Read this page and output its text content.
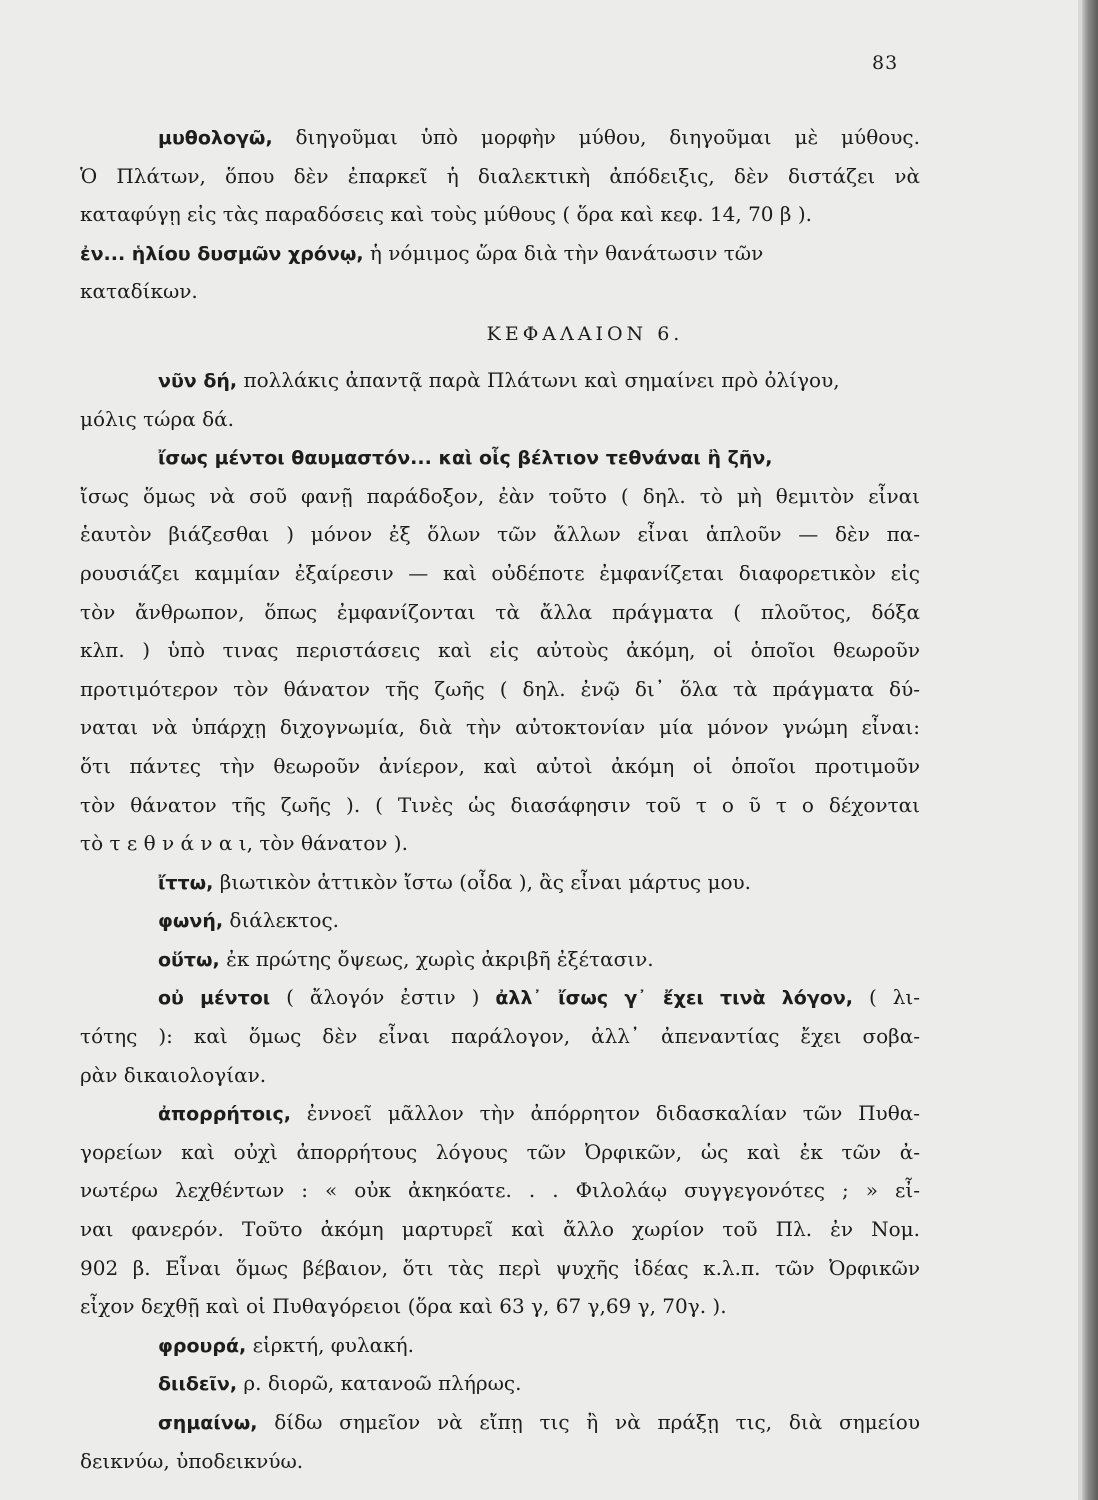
83
μυθολογῶ, διηγοῦμαι ὑπὸ μορφὴν μύθου, διηγοῦμαι μὲ μύθους.
Ὁ Πλάτων, ὅπου δὲν ἐπαρκεῖ ἡ διαλεκτικὴ ἀπόδειξις, δὲν διστάζει νὰ
καταφύγῃ εἰς τὰς παραδόσεις καὶ τοὺς μύθους ( ὅρα καὶ κεφ. 14, 70 β ).
ἐν... ἡλίου δυσμῶν χρόνῳ, ἡ νόμιμος ὥρα διὰ τὴν θανάτωσιν τῶν
καταδίκων.
ΚΕΦΑΛΑΙΟΝ 6.
νῦν δή, πολλάκις ἀπαντᾷ παρὰ Πλάτωνι καὶ σημαίνει πρὸ ὀλίγου,
μόλις τώρα δά.
ἴσως μέντοι θαυμαστόν... καὶ οἷς βέλτιον τεθνάναι ἢ ζῆν,
ἴσως ὅμως νὰ σοῦ φανῇ παράδοξον, ἐὰν τοῦτο ( δηλ. τὸ μὴ θεμιτὸν εἶναι
ἑαυτὸν βιάζεσθαι ) μόνον ἐξ ὅλων τῶν ἄλλων εἶναι ἁπλοῦν — δὲν πα-
ρουσιάζει καμμίαν ἐξαίρεσιν — καὶ οὐδέποτε ἐμφανίζεται διαφορετικὸν εἰς
τὸν ἄνθρωπον, ὅπως ἐμφανίζονται τὰ ἄλλα πράγματα ( πλοῦτος, δόξα
κλπ. ) ὑπὸ τινας περιστάσεις καὶ εἰς αὐτοὺς ἀκόμη, οἱ ὁποῖοι θεωροῦν
προτιμότερον τὸν θάνατον τῆς ζωῆς ( δηλ. ἐνῷ δι᾽ ὅλα τὰ πράγματα δύ-
ναται νὰ ὑπάρχῃ διχογνωμία, διὰ τὴν αὐτοκτονίαν μία μόνον γνώμη εἶναι:
ὅτι πάντες τὴν θεωροῦν ἀνίερον, καὶ αὐτοὶ ἀκόμη οἱ ὁποῖοι προτιμοῦν
τὸν θάνατον τῆς ζωῆς ). ( Τινὲς ὡς διασάφησιν τοῦ τ ο ῦ τ ο δέχονται
τὸ τ ε θ ν ά ν α ι, τὸν θάνατον ).
ἴττω, βιωτικὸν ἀττικὸν ἴστω (οἶδα ), ἂς εἶναι μάρτυς μου.
φωνή, διάλεκτος.
οὕτω, ἐκ πρώτης ὄψεως, χωρὶς ἀκριβῆ ἐξέτασιν.
οὐ μέντοι ( ἄλογόν ἐστιν ) ἀλλ᾽ ἴσως γ᾽ ἔχει τινὰ λόγον, ( λι-
τότης ): καὶ ὅμως δὲν εἶναι παράλογον, ἀλλ᾽ ἀπεναντίας ἔχει σοβα-
ρὰν δικαιολογίαν.
ἀπορρήτοις, ἐννοεῖ μᾶλλον τὴν ἀπόρρητον διδασκαλίαν τῶν Πυθα-
γορείων καὶ οὐχὶ ἀπορρήτους λόγους τῶν Ὀρφικῶν, ὡς καὶ ἐκ τῶν ἀ-
νωτέρω λεχθέντων : « οὐκ ἀκηκόατε. . . Φιλολάῳ συγγεγονότες ; » εἶ-
ναι φανερόν. Τοῦτο ἀκόμη μαρτυρεῖ καὶ ἄλλο χωρίον τοῦ Πλ. ἐν Νομ.
902 β. Εἶναι ὅμως βέβαιον, ὅτι τὰς περὶ ψυχῆς ἰδέας κ.λ.π. τῶν Ὀρφικῶν
εἶχον δεχθῇ καὶ οἱ Πυθαγόρειοι (ὅρα καὶ 63 γ, 67 γ,69 γ, 70γ. ).
φρουρά, εἱρκτή, φυλακή.
διιδεῖν, ρ. διορῶ, κατανοῶ πλήρως.
σημαίνω, δίδω σημεῖον νὰ εἴπῃ τις ἢ νὰ πράξῃ τις, διὰ σημείου
δεικνύω, ὑποδεικνύω.
